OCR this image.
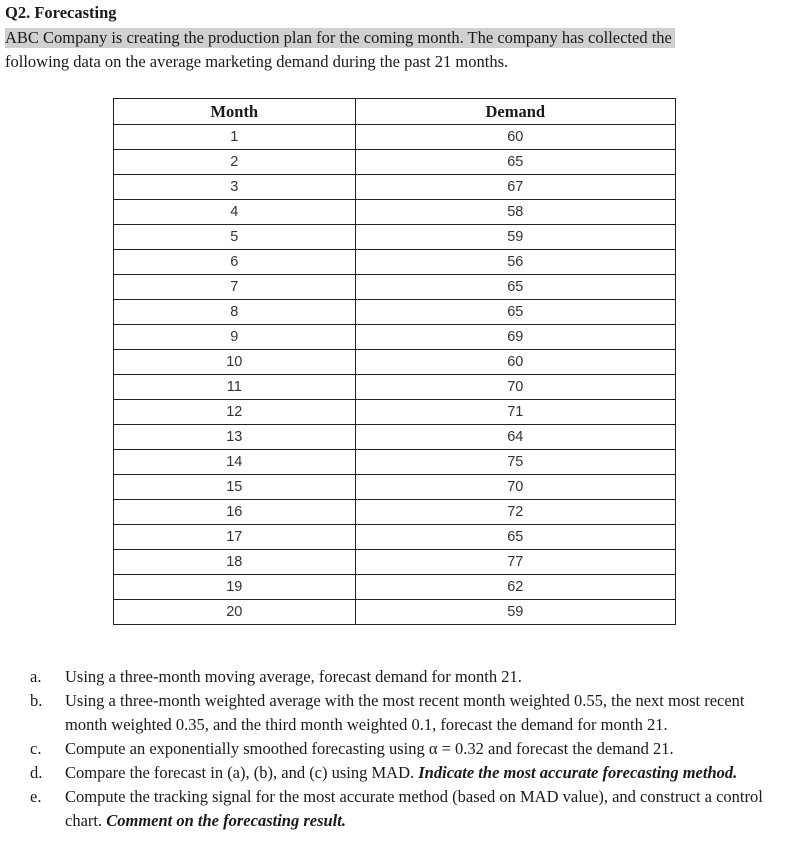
Q2. Forecasting
ABC Company is creating the production plan for the coming month. The company has collected the
following data on the average marketing demand during the past 21 months.
Month	Demand
1	60
2	65
3	67
4	58
5	59
6	56
7	65
8	65
9	69
10	60
11	70
12	71
13	64
14	75
15	70
16	72
17	65
18	77
19	62
20	59
a. Using a three-month moving average, forecast demand for month 21.
b. Using a three-month weighted average with the most recent month weighted 0.55, the next most recent month weighted 0.35, and the third month weighted 0.1, forecast the demand for month 21.
c. Compute an exponentially smoothed forecasting using α = 0.32 and forecast the demand 21.
d. Compare the forecast in (a), (b), and (c) using MAD. Indicate the most accurate forecasting method.
e. Compute the tracking signal for the most accurate method (based on MAD value), and construct a control chart. Comment on the forecasting result.
